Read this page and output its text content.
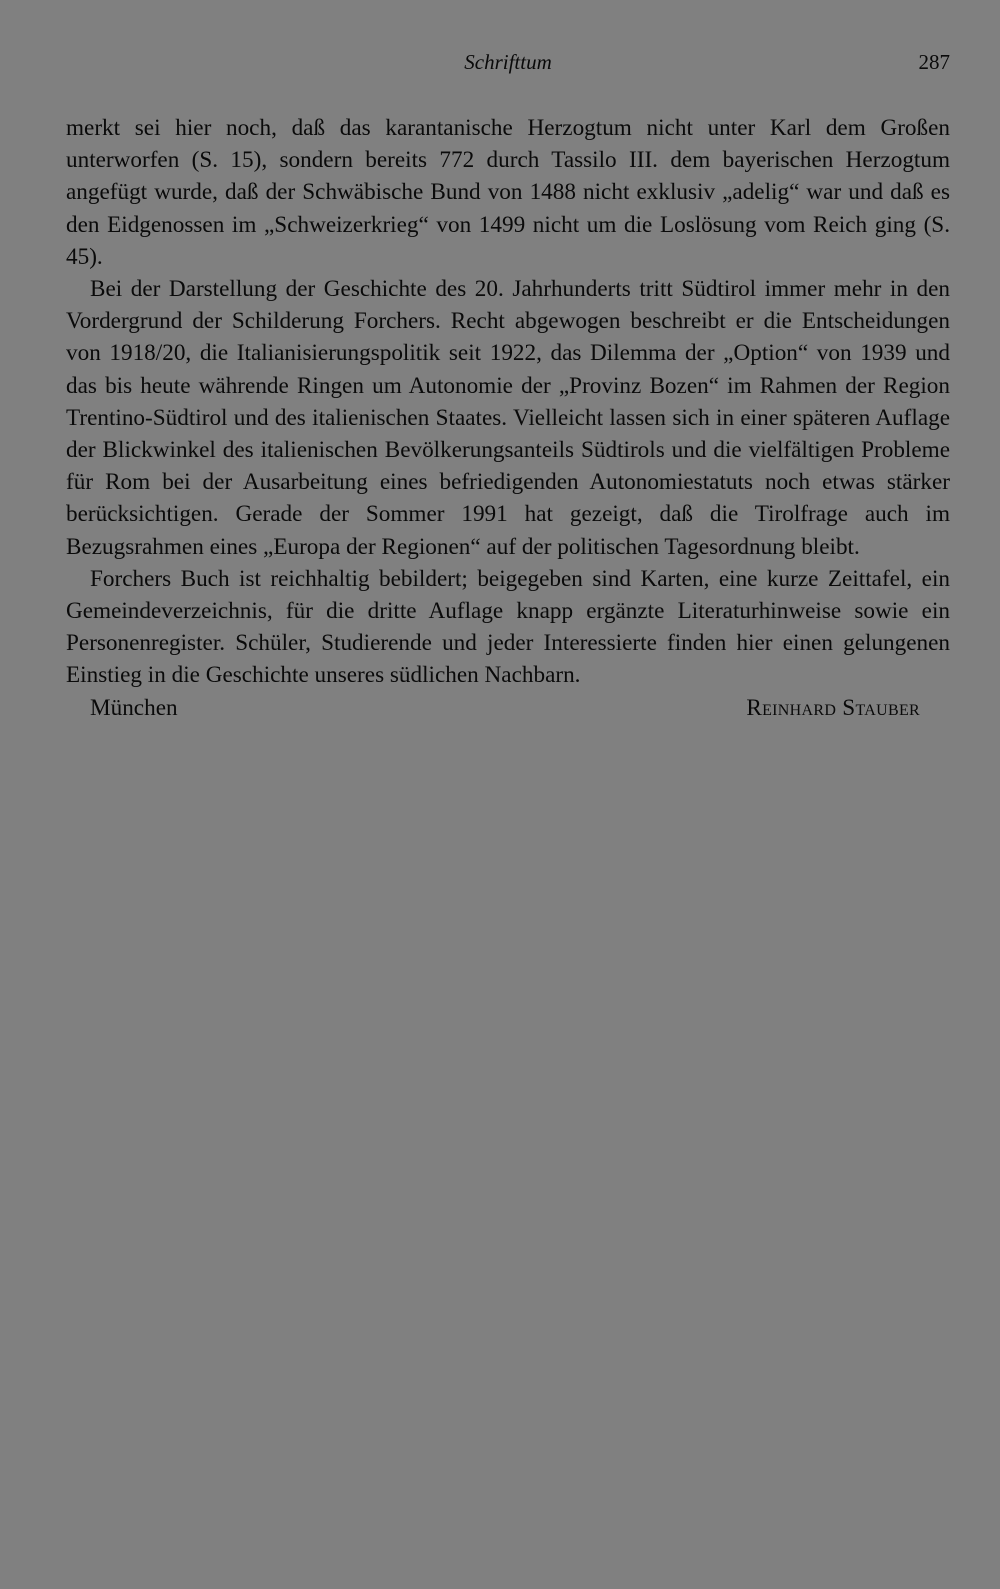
Schrifttum	287

merkt sei hier noch, daß das karantanische Herzogtum nicht unter Karl dem Großen unterworfen (S. 15), sondern bereits 772 durch Tassilo III. dem bayerischen Herzogtum angefügt wurde, daß der Schwäbische Bund von 1488 nicht exklusiv „adelig“ war und daß es den Eidgenossen im „Schweizerkrieg“ von 1499 nicht um die Loslösung vom Reich ging (S. 45).

Bei der Darstellung der Geschichte des 20. Jahrhunderts tritt Südtirol immer mehr in den Vordergrund der Schilderung Forchers. Recht abgewogen beschreibt er die Entscheidungen von 1918/20, die Italianisierungspolitik seit 1922, das Dilemma der „Option“ von 1939 und das bis heute währende Ringen um Autonomie der „Provinz Bozen“ im Rahmen der Region Trentino-Südtirol und des italienischen Staates. Vielleicht lassen sich in einer späteren Auflage der Blickwinkel des italienischen Bevölkerungsanteils Südtirols und die vielfältigen Probleme für Rom bei der Ausarbeitung eines befriedigenden Autonomiestatuts noch etwas stärker berücksichtigen. Gerade der Sommer 1991 hat gezeigt, daß die Tirolfrage auch im Bezugsrahmen eines „Europa der Regionen“ auf der politischen Tagesordnung bleibt.

Forchers Buch ist reichhaltig bebildert; beigegeben sind Karten, eine kurze Zeittafel, ein Gemeindeverzeichnis, für die dritte Auflage knapp ergänzte Literaturhinweise sowie ein Personenregister. Schüler, Studierende und jeder Interessierte finden hier einen gelungenen Einstieg in die Geschichte unseres südlichen Nachbarn.

München	Reinhard Stauber
